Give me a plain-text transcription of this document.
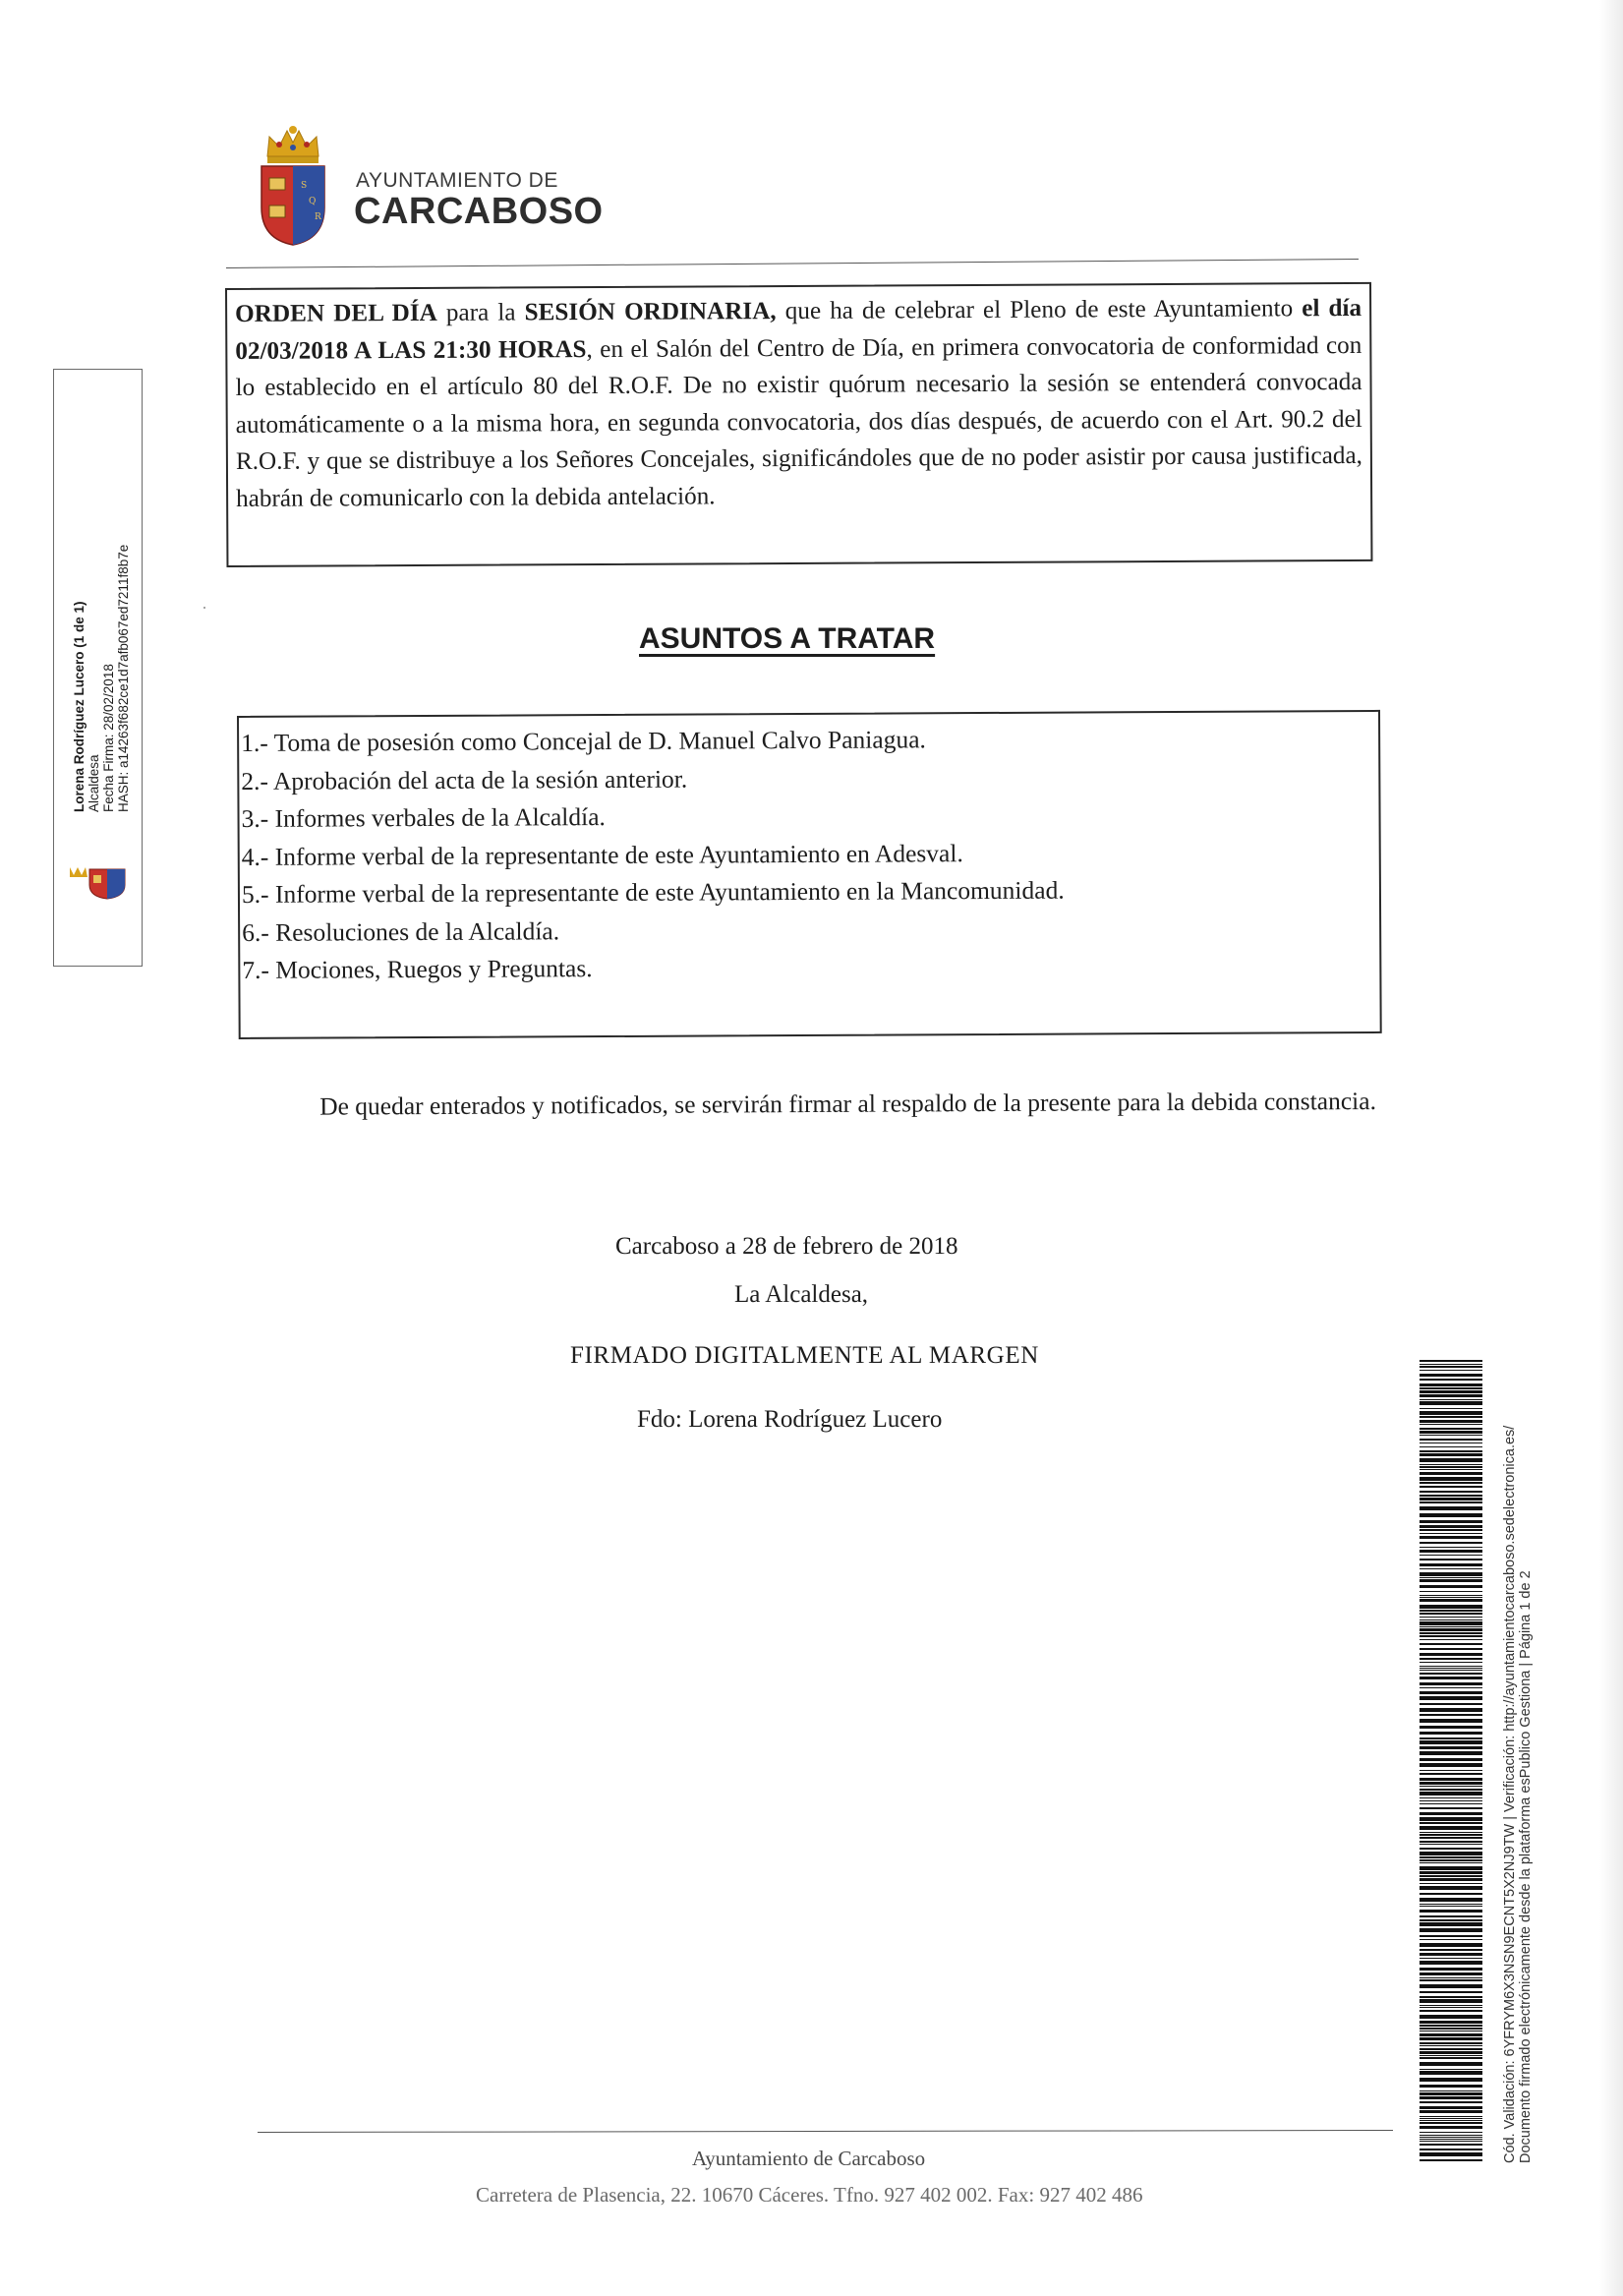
S
Q
R
AYUNTAMIENTO DE
CARCABOSO

ORDEN DEL DÍA para la SESIÓN ORDINARIA, que ha de celebrar el Pleno de este Ayuntamiento el día 02/03/2018 A LAS 21:30 HORAS, en el Salón del Centro de Día, en primera convocatoria de conformidad con lo establecido en el artículo 80 del R.O.F. De no existir quórum necesario la sesión se entenderá convocada automáticamente o a la misma hora, en segunda convocatoria, dos días después, de acuerdo con el Art. 90.2 del R.O.F. y que se distribuye a los Señores Concejales, significándoles que de no poder asistir por causa justificada, habrán de comunicarlo con la debida antelación.

ASUNTOS A TRATAR
1.- Toma de posesión como Concejal de D. Manuel Calvo Paniagua.
2.- Aprobación del acta de la sesión anterior.
3.- Informes verbales de la Alcaldía.
4.- Informe verbal de la representante de este Ayuntamiento en Adesval.
5.- Informe verbal de la representante de este Ayuntamiento en la Mancomunidad.
6.- Resoluciones de la Alcaldía.
7.- Mociones, Ruegos y Preguntas.
De quedar enterados y notificados, se servirán firmar al respaldo de la presente para la debida constancia.
Carcaboso a 28 de febrero de 2018
La Alcaldesa,
FIRMADO DIGITALMENTE AL MARGEN
Fdo: Lorena Rodríguez Lucero
Ayuntamiento de Carcaboso
Carretera de Plasencia, 22. 10670 Cáceres. Tfno. 927 402 002. Fax: 927 402 486
Lorena Rodríguez Lucero (1 de 1) Alcaldesa Fecha Firma: 28/02/2018 HASH: a14263f682ce1d7afb067ed7211f8b7e
Cód. Validación: 6YFRYM6X3NSN9ECNT5X2NJ9TW | Verificación: http://ayuntamientocarcaboso.sedelectronica.es/ Documento firmado electrónicamente desde la plataforma esPublico Gestiona | Página 1 de 2
